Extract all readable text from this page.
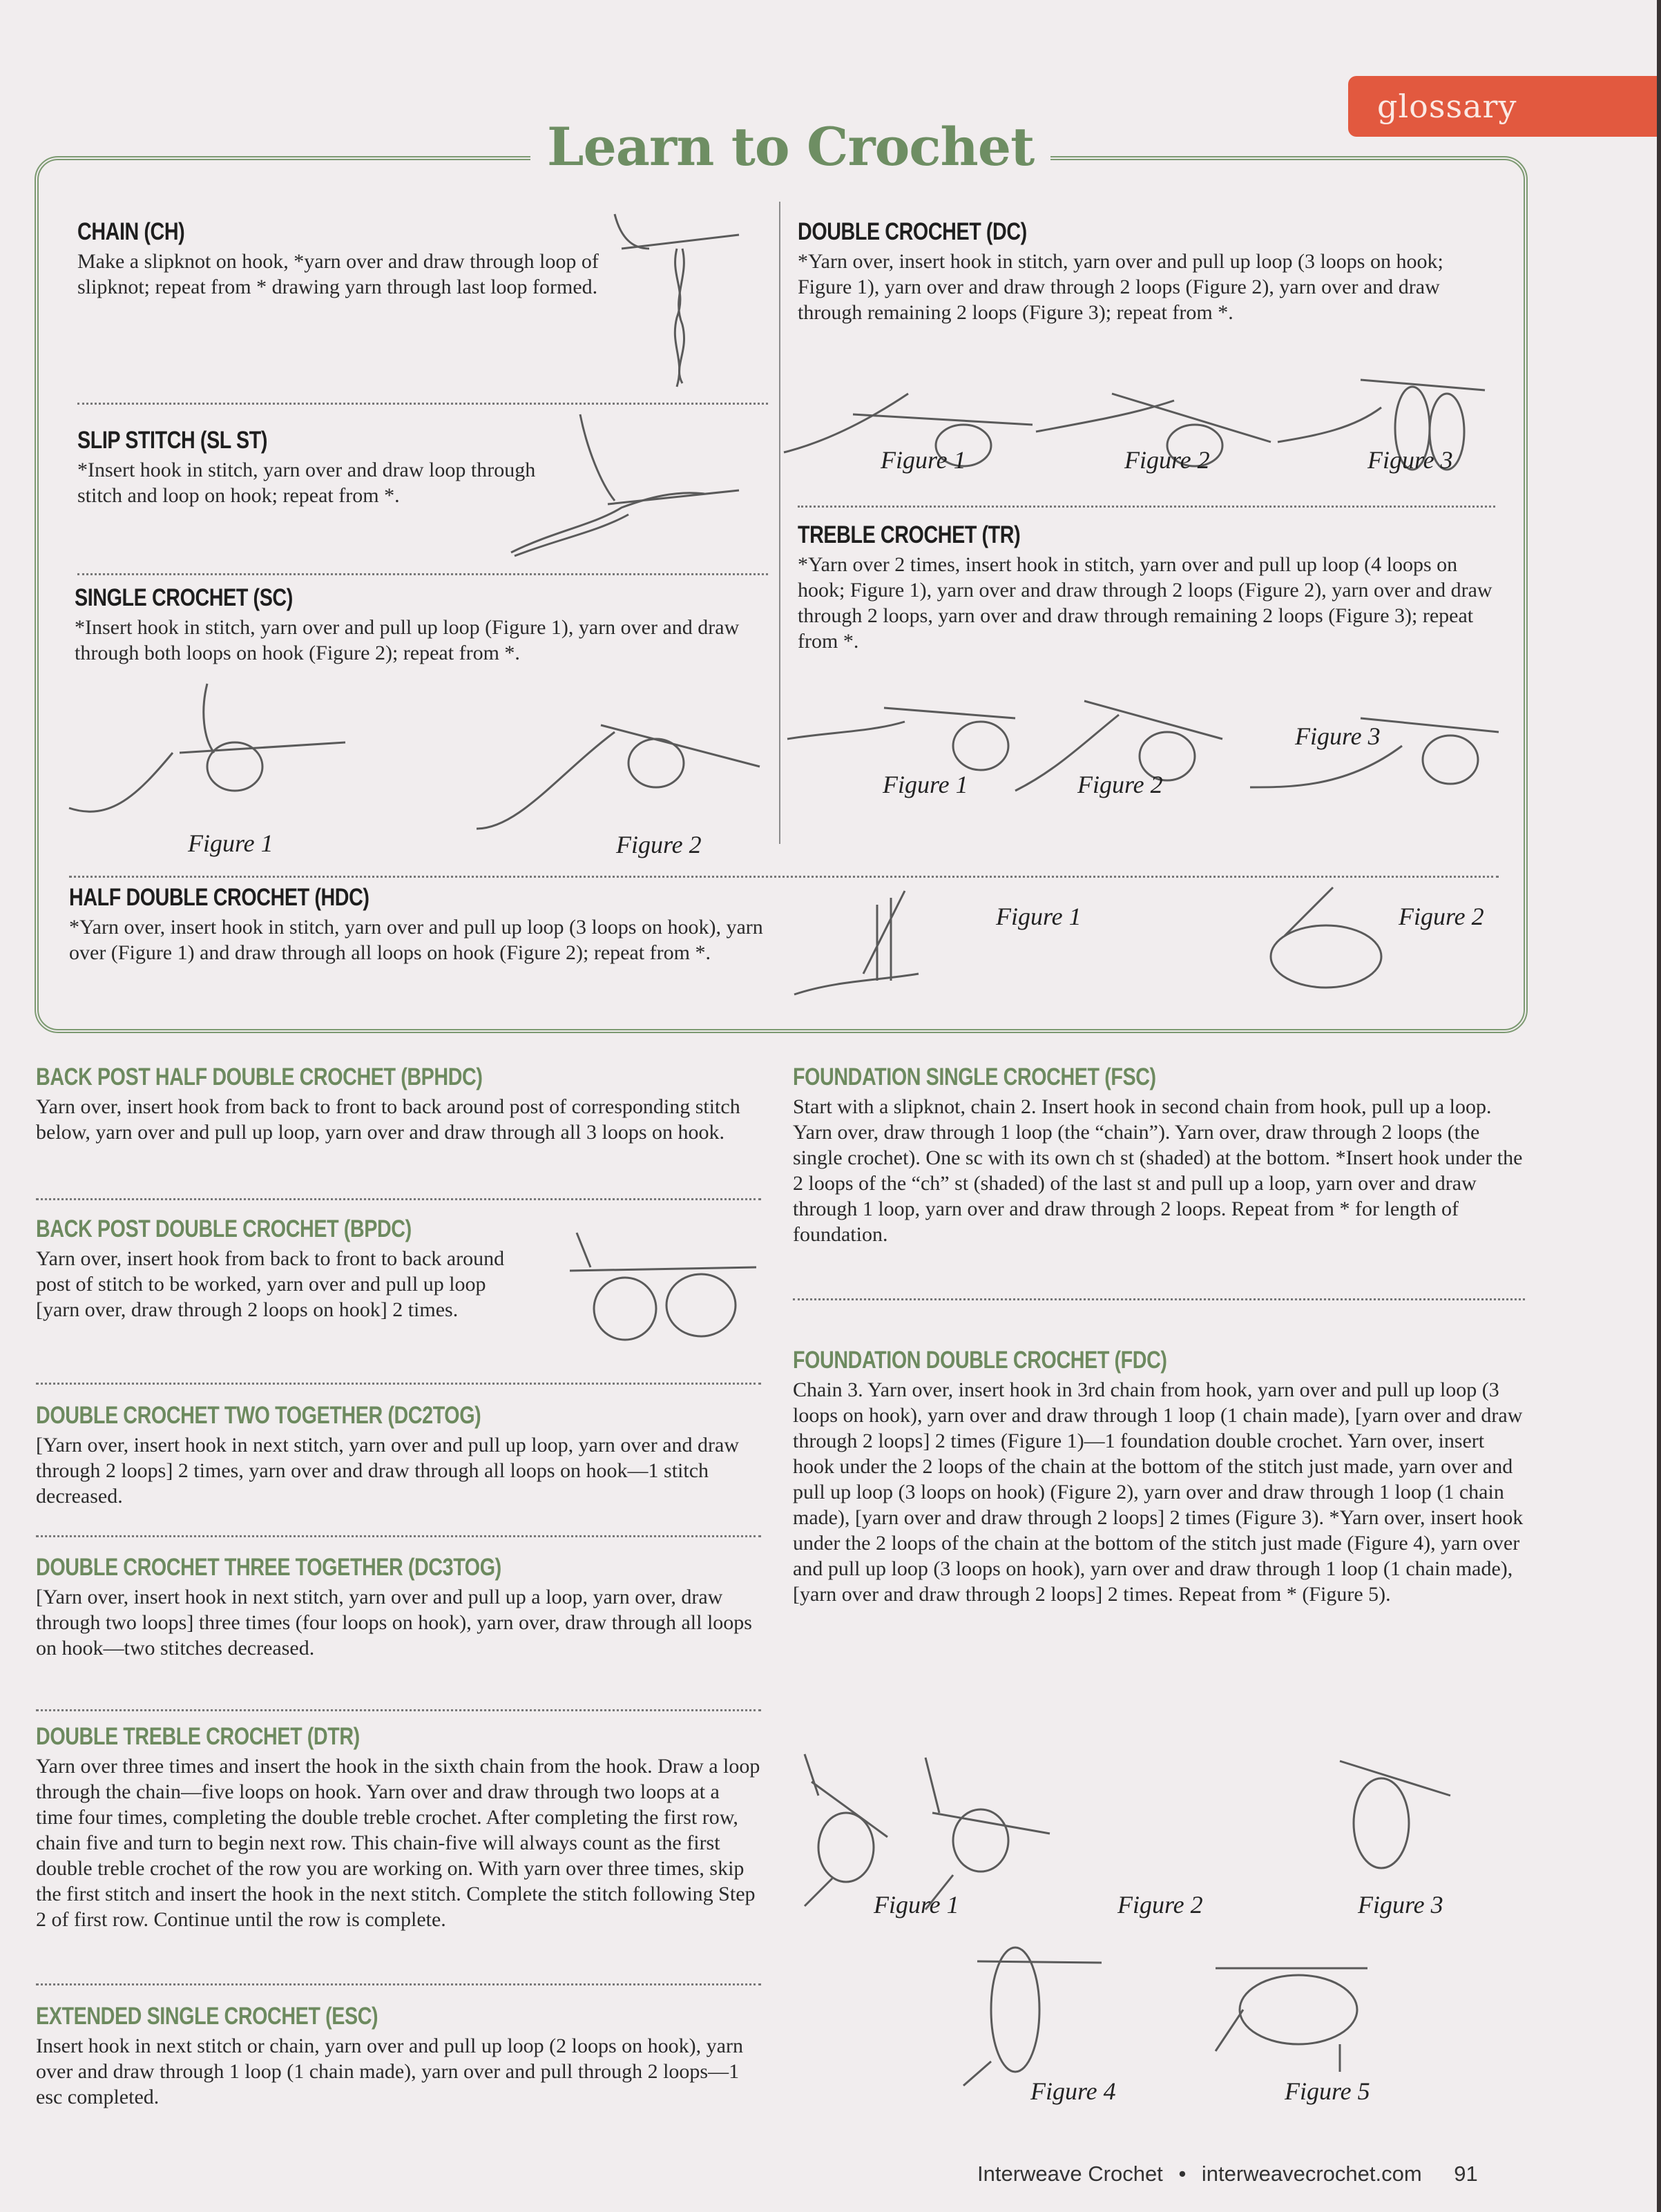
glossary
Learn to Crochet
CHAIN (CH)

Make a slipknot on hook, *yarn over and draw through loop of slipknot; repeat from * drawing yarn through last loop formed.

SLIP STITCH (SL ST)

*Insert hook in stitch, yarn over and draw loop through stitch and loop on hook; repeat from *.

SINGLE CROCHET (SC)

*Insert hook in stitch, yarn over and pull up loop (Figure 1), yarn over and draw through both loops on hook (Figure 2); repeat from *.

Figure 1	Figure 2
DOUBLE CROCHET (DC)

*Yarn over, insert hook in stitch, yarn over and pull up loop (3 loops on hook; Figure 1), yarn over and draw through 2 loops (Figure 2), yarn over and draw through remaining 2 loops (Figure 3); repeat from *.

Figure 1	Figure 2	Figure 3
TREBLE CROCHET (TR)

*Yarn over 2 times, insert hook in stitch, yarn over and pull up loop (4 loops on hook; Figure 1), yarn over and draw through 2 loops (Figure 2), yarn over and draw through 2 loops, yarn over and draw through remaining 2 loops (Figure 3); repeat from *.

Figure 1	Figure 2
Figure 3
HALF DOUBLE CROCHET (HDC)

*Yarn over, insert hook in stitch, yarn over and pull up loop (3 loops on hook), yarn over (Figure 1) and draw through all loops on hook (Figure 2); repeat from *.

Figure 1	Figure 2
BACK POST HALF DOUBLE CROCHET (BPHDC)

Yarn over, insert hook from back to front to back around post of corresponding stitch below, yarn over and pull up loop, yarn over and draw through all 3 loops on hook.

BACK POST DOUBLE CROCHET (BPDC)

Yarn over, insert hook from back to front to back around post of stitch to be worked, yarn over and pull up loop [yarn over, draw through 2 loops on hook] 2 times.

DOUBLE CROCHET TWO TOGETHER (DC2TOG)

[Yarn over, insert hook in next stitch, yarn over and pull up loop, yarn over and draw through 2 loops] 2 times, yarn over and draw through all loops on hook—1 stitch decreased.

DOUBLE CROCHET THREE TOGETHER (DC3TOG)

[Yarn over, insert hook in next stitch, yarn over and pull up a loop, yarn over, draw through two loops] three times (four loops on hook), yarn over, draw through all loops on hook—two stitches decreased.

DOUBLE TREBLE CROCHET (DTR)

Yarn over three times and insert the hook in the sixth chain from the hook. Draw a loop through the chain—five loops on hook. Yarn over and draw through two loops at a time four times, completing the double treble crochet. After completing the first row, chain five and turn to begin next row. This chain-five will always count as the first double treble crochet of the row you are working on. With yarn over three times, skip the first stitch and insert the hook in the next stitch. Complete the stitch following Step 2 of first row. Continue until the row is complete.

EXTENDED SINGLE CROCHET (ESC)

Insert hook in next stitch or chain, yarn over and pull up loop (2 loops on hook), yarn over and draw through 1 loop (1 chain made), yarn over and pull through 2 loops—1 esc completed.

FOUNDATION SINGLE CROCHET (FSC)

Start with a slipknot, chain 2. Insert hook in second chain from hook, pull up a loop. Yarn over, draw through 1 loop (the “chain”). Yarn over, draw through 2 loops (the single crochet). One sc with its own ch st (shaded) at the bottom. *Insert hook under the 2 loops of the “ch” st (shaded) of the last st and pull up a loop, yarn over and draw through 1 loop, yarn over and draw through 2 loops. Repeat from * for length of foundation.

FOUNDATION DOUBLE CROCHET (FDC)

Chain 3. Yarn over, insert hook in 3rd chain from hook, yarn over and pull up loop (3 loops on hook), yarn over and draw through 1 loop (1 chain made), [yarn over and draw through 2 loops] 2 times (Figure 1)—1 foundation double crochet. Yarn over, insert hook under the 2 loops of the chain at the bottom of the stitch just made, yarn over and pull up loop (3 loops on hook) (Figure 2), yarn over and draw through 1 loop (1 chain made), [yarn over and draw through 2 loops] 2 times (Figure 3). *Yarn over, insert hook under the 2 loops of the chain at the bottom of the stitch just made (Figure 4), yarn over and pull up loop (3 loops on hook), yarn over and draw through 1 loop (1 chain made), [yarn over and draw through 2 loops] 2 times. Repeat from * (Figure 5).

Figure 1	Figure 2	Figure 3
Figure 4	Figure 5
Interweave Crochet • interweavecrochet.com 91
